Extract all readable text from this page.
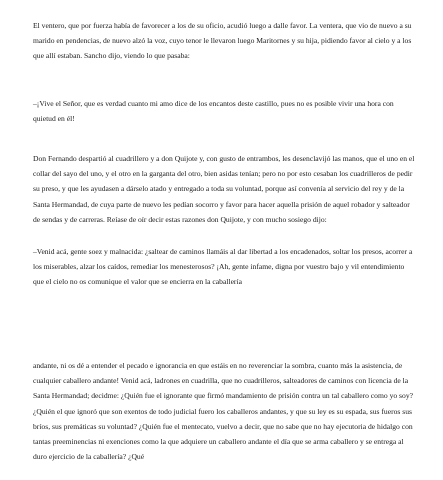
El ventero, que por fuerza había de favorecer a los de su oficio, acudió luego a dalle favor. La ventera, que vio de nuevo a su marido en pendencias, de nuevo alzó la voz, cuyo tenor le llevaron luego Maritornes y su hija, pidiendo favor al cielo y a los que allí estaban. Sancho dijo, viendo lo que pasaba:

–¡Vive el Señor, que es verdad cuanto mi amo dice de los encantos deste castillo, pues no es posible vivir una hora con quietud en él!

Don Fernando despartió al cuadrillero y a don Quijote y, con gusto de entrambos, les desenclavijó las manos, que el uno en el collar del sayo del uno, y el otro en la garganta del otro, bien asidas tenían; pero no por esto cesaban los cuadrilleros de pedir su preso, y que les ayudasen a dárselo atado y entregado a toda su voluntad, porque así convenía al servicio del rey y de la Santa Hermandad, de cuya parte de nuevo les pedían socorro y favor para hacer aquella prisión de aquel robador y salteador de sendas y de carreras. Reíase de oír decir estas razones don Quijote, y con mucho sosiego dijo:

–Venid acá, gente soez y malnacida: ¿saltear de caminos llamáis al dar libertad a los encadenados, soltar los presos, acorrer a los miserables, alzar los caídos, remediar los menesterosos? ¡Ah, gente infame, digna por vuestro bajo y vil entendimiento que el cielo no os comunique el valor que se encierra en la caballería

andante, ni os dé a entender el pecado e ignorancia en que estáis en no reverenciar la sombra, cuanto más la asistencia, de cualquier caballero andante! Venid acá, ladrones en cuadrilla, que no cuadrilleros, salteadores de caminos con licencia de la Santa Hermandad; decidme: ¿Quién fue el ignorante que firmó mandamiento de prisión contra un tal caballero como yo soy? ¿Quién el que ignoró que son exentos de todo judicial fuero los caballeros andantes, y que su ley es su espada, sus fueros sus bríos, sus premáticas su voluntad? ¿Quién fue el mentecato, vuelvo a decir, que no sabe que no hay ejecutoria de hidalgo con tantas preeminencias ni exenciones como la que adquiere un caballero andante el día que se arma caballero y se entrega al duro ejercicio de la caballería? ¿Qué
